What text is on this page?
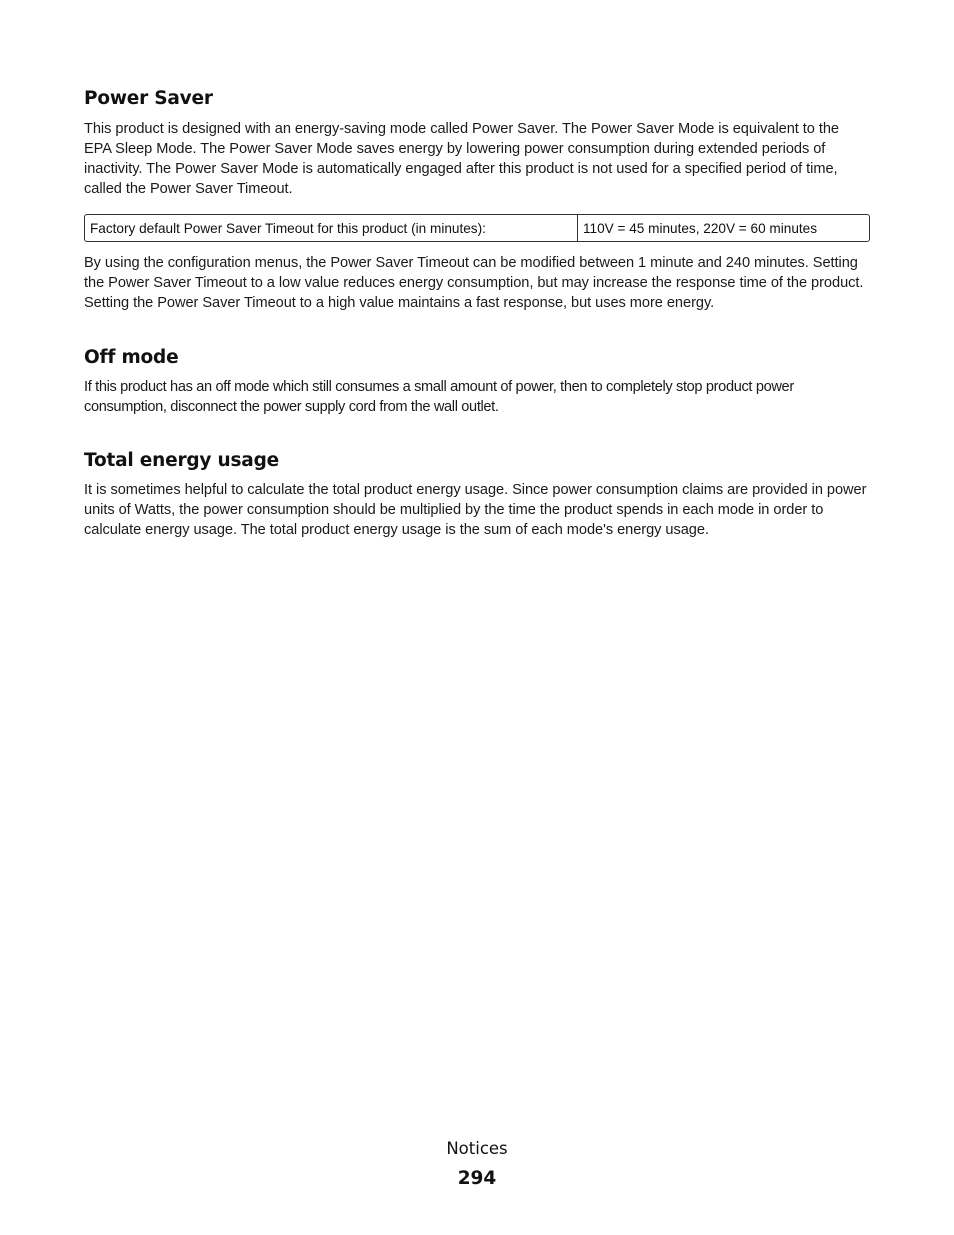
Power Saver

This product is designed with an energy-saving mode called Power Saver. The Power Saver Mode is equivalent to the EPA Sleep Mode. The Power Saver Mode saves energy by lowering power consumption during extended periods of inactivity. The Power Saver Mode is automatically engaged after this product is not used for a specified period of time, called the Power Saver Timeout.

Factory default Power Saver Timeout for this product (in minutes):	110V = 45 minutes, 220V = 60 minutes

By using the configuration menus, the Power Saver Timeout can be modified between 1 minute and 240 minutes. Setting the Power Saver Timeout to a low value reduces energy consumption, but may increase the response time of the product. Setting the Power Saver Timeout to a high value maintains a fast response, but uses more energy.

Off mode

If this product has an off mode which still consumes a small amount of power, then to completely stop product power consumption, disconnect the power supply cord from the wall outlet.

Total energy usage

It is sometimes helpful to calculate the total product energy usage. Since power consumption claims are provided in power units of Watts, the power consumption should be multiplied by the time the product spends in each mode in order to calculate energy usage. The total product energy usage is the sum of each mode's energy usage.

Notices
294
